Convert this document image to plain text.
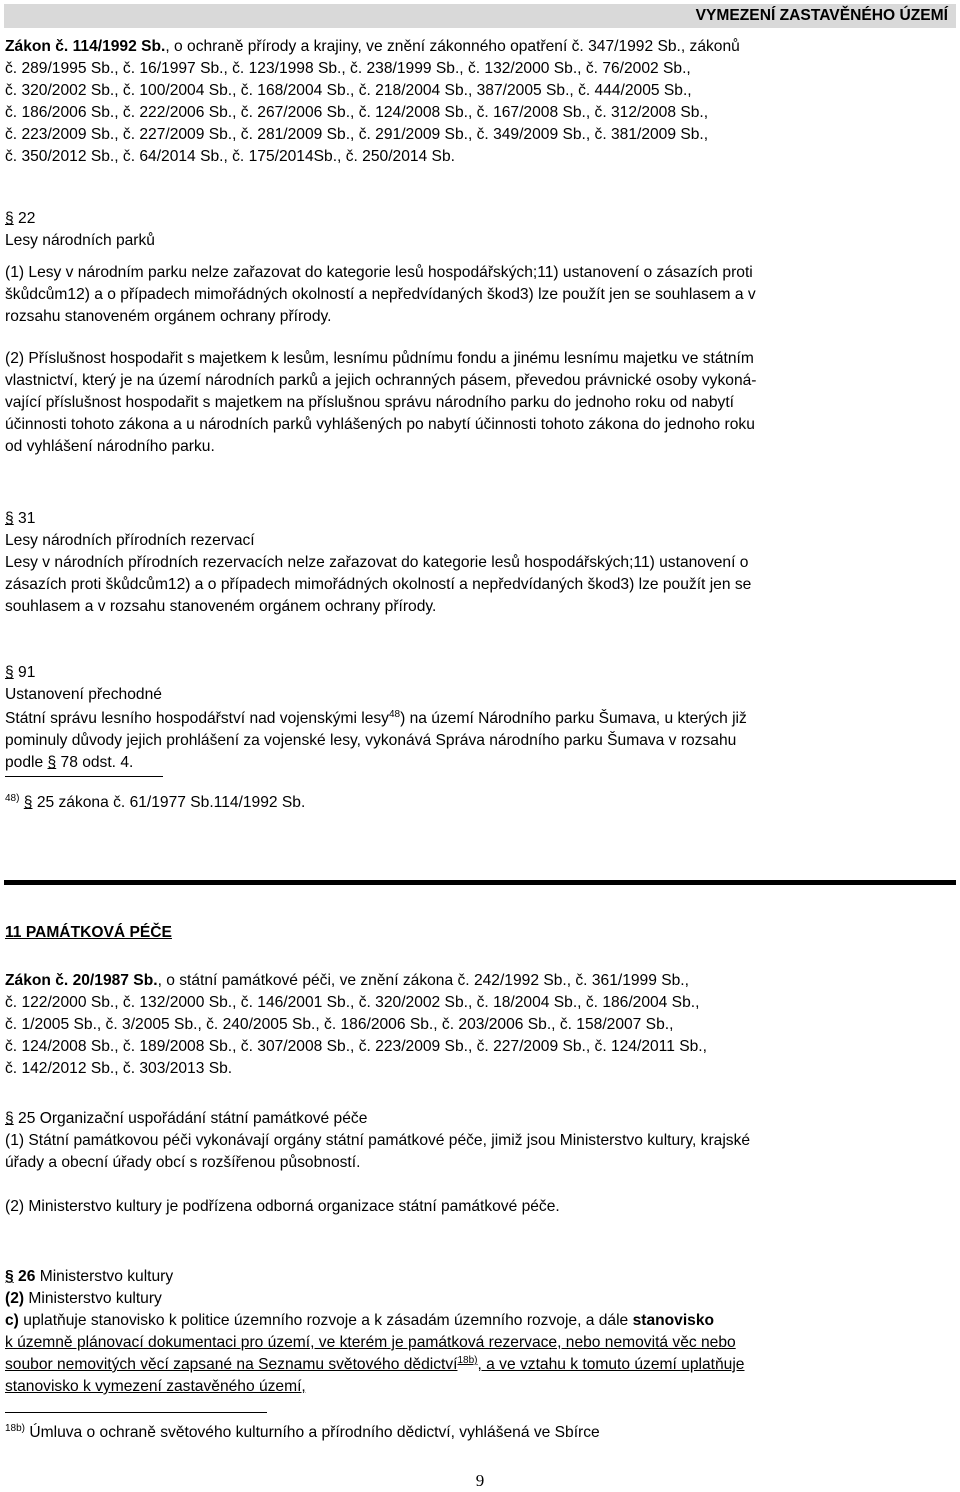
VYMEZENÍ ZASTAVĚNÉHO ÚZEMÍ

Zákon č. 114/1992 Sb., o ochraně přírody a krajiny, ve znění zákonného opatření č. 347/1992 Sb., zákonů

č. 289/1995 Sb., č. 16/1997 Sb., č. 123/1998 Sb., č. 238/1999 Sb., č. 132/2000 Sb., č. 76/2002 Sb.,

č. 320/2002 Sb., č. 100/2004 Sb., č. 168/2004 Sb., č. 218/2004 Sb., 387/2005 Sb., č. 444/2005 Sb.,

č. 186/2006 Sb., č. 222/2006 Sb., č. 267/2006 Sb., č. 124/2008 Sb., č. 167/2008 Sb., č. 312/2008 Sb.,

č. 223/2009 Sb., č. 227/2009 Sb., č. 281/2009 Sb., č. 291/2009 Sb., č. 349/2009 Sb., č. 381/2009 Sb.,

č. 350/2012 Sb., č. 64/2014 Sb., č. 175/2014Sb., č. 250/2014 Sb.

§ 22

Lesy národních parků

(1) Lesy v národním parku nelze zařazovat do kategorie lesů hospodářských;11) ustanovení o zásazích proti

škůdcům12) a o případech mimořádných okolností a nepředvídaných škod3) lze použít jen se souhlasem a v

rozsahu stanoveném orgánem ochrany přírody.

(2) Příslušnost hospodařit s majetkem k lesům, lesnímu půdnímu fondu a jinému lesnímu majetku ve státním

vlastnictví, který je na území národních parků a jejich ochranných pásem, převedou právnické osoby vykoná-

vající příslušnost hospodařit s majetkem na příslušnou správu národního parku do jednoho roku od nabytí

účinnosti tohoto zákona a u národních parků vyhlášených po nabytí účinnosti tohoto zákona do jednoho roku

od vyhlášení národního parku.

§ 31

Lesy národních přírodních rezervací

Lesy v národních přírodních rezervacích nelze zařazovat do kategorie lesů hospodářských;11) ustanovení o

zásazích proti škůdcům12) a o případech mimořádných okolností a nepředvídaných škod3) lze použít jen se

souhlasem a v rozsahu stanoveném orgánem ochrany přírody.

§ 91

Ustanovení přechodné

Státní správu lesního hospodářství nad vojenskými lesy$^{48}$) na území Národního parku Šumava, u kterých již

pominuly důvody jejich prohlášení za vojenské lesy, vykonává Správa národního parku Šumava v rozsahu

podle § 78 odst. 4.

$^{48)}$ § 25 zákona č. 61/1977 Sb.114/1992 Sb.

11 PAMÁTKOVÁ PÉČE

Zákon č. 20/1987 Sb., o státní památkové péči, ve znění zákona č. 242/1992 Sb., č. 361/1999 Sb.,

č. 122/2000 Sb., č. 132/2000 Sb., č. 146/2001 Sb., č. 320/2002 Sb., č. 18/2004 Sb., č. 186/2004 Sb.,

č. 1/2005 Sb., č. 3/2005 Sb., č. 240/2005 Sb., č. 186/2006 Sb., č. 203/2006 Sb., č. 158/2007 Sb.,

č. 124/2008 Sb., č. 189/2008 Sb., č. 307/2008 Sb., č. 223/2009 Sb., č. 227/2009 Sb., č. 124/2011 Sb.,

č. 142/2012 Sb., č. 303/2013 Sb.

§ 25 Organizační uspořádání státní památkové péče

(1) Státní památkovou péči vykonávají orgány státní památkové péče, jimiž jsou Ministerstvo kultury, krajské

úřady a obecní úřady obcí s rozšířenou působností.

(2) Ministerstvo kultury je podřízena odborná organizace státní památkové péče.

§ 26 Ministerstvo kultury

(2) Ministerstvo kultury

c) uplatňuje stanovisko k politice územního rozvoje a k zásadám územního rozvoje, a dále stanovisko

k územně plánovací dokumentaci pro území, ve kterém je památková rezervace, nebo nemovitá věc nebo

soubor nemovitých věcí zapsané na Seznamu světového dědictví$^{18b)}$, a ve vztahu k tomuto území uplatňuje

stanovisko k vymezení zastavěného území,

$^{18b)}$ Úmluva o ochraně světového kulturního a přírodního dědictví, vyhlášená ve Sbírce

9
